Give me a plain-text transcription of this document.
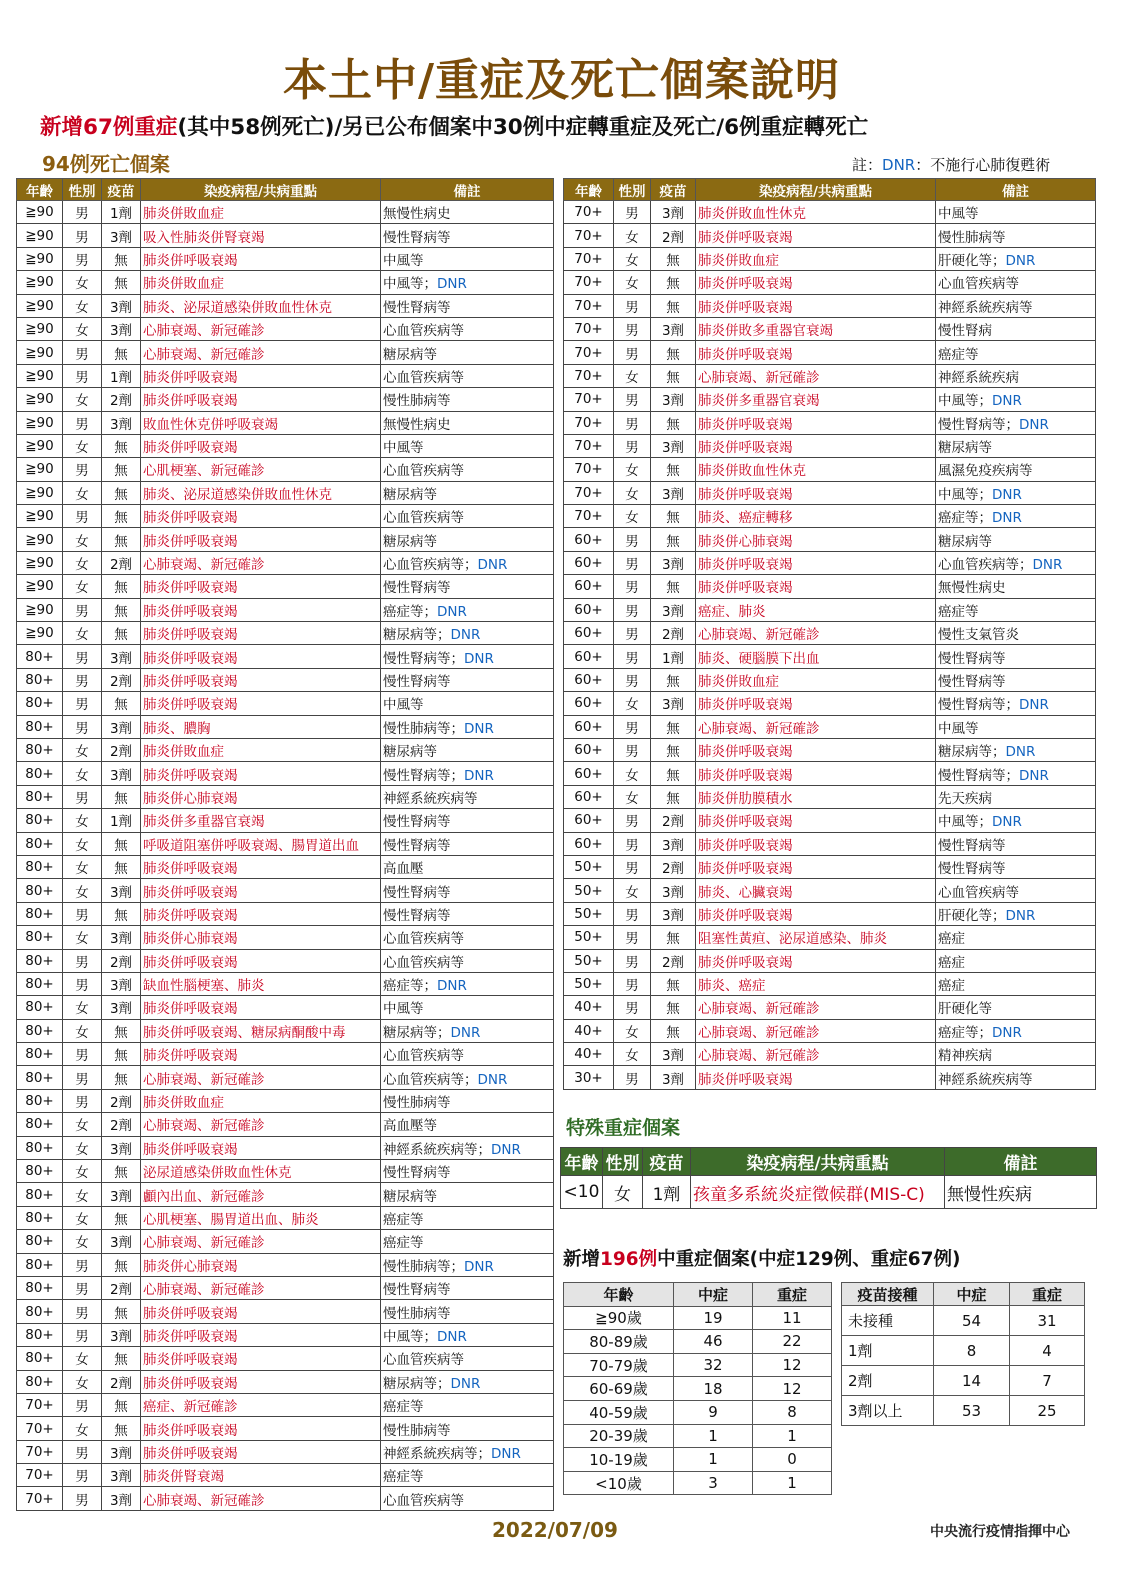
本土中/重症及死亡個案說明
新增67例重症(其中58例死亡)/另已公布個案中30例中症轉重症及死亡/6例重症轉死亡
94例死亡個案	註：DNR：不施行心肺復甦術
年齡	性別	疫苗	染疫病程/共病重點	備註
≧90	男	1劑	肺炎併敗血症	無慢性病史
≧90	男	3劑	吸入性肺炎併腎衰竭	慢性腎病等
≧90	男	無	肺炎併呼吸衰竭	中風等
≧90	女	無	肺炎併敗血症	中風等；DNR
≧90	女	3劑	肺炎、泌尿道感染併敗血性休克	慢性腎病等
≧90	女	3劑	心肺衰竭、新冠確診	心血管疾病等
≧90	男	無	心肺衰竭、新冠確診	糖尿病等
≧90	男	1劑	肺炎併呼吸衰竭	心血管疾病等
≧90	女	2劑	肺炎併呼吸衰竭	慢性肺病等
≧90	男	3劑	敗血性休克併呼吸衰竭	無慢性病史
≧90	女	無	肺炎併呼吸衰竭	中風等
≧90	男	無	心肌梗塞、新冠確診	心血管疾病等
≧90	女	無	肺炎、泌尿道感染併敗血性休克	糖尿病等
≧90	男	無	肺炎併呼吸衰竭	心血管疾病等
≧90	女	無	肺炎併呼吸衰竭	糖尿病等
≧90	女	2劑	心肺衰竭、新冠確診	心血管疾病等；DNR
≧90	女	無	肺炎併呼吸衰竭	慢性腎病等
≧90	男	無	肺炎併呼吸衰竭	癌症等；DNR
≧90	女	無	肺炎併呼吸衰竭	糖尿病等；DNR
80+	男	3劑	肺炎併呼吸衰竭	慢性腎病等；DNR
80+	男	2劑	肺炎併呼吸衰竭	慢性腎病等
80+	男	無	肺炎併呼吸衰竭	中風等
80+	男	3劑	肺炎、膿胸	慢性肺病等；DNR
80+	女	2劑	肺炎併敗血症	糖尿病等
80+	女	3劑	肺炎併呼吸衰竭	慢性腎病等；DNR
80+	男	無	肺炎併心肺衰竭	神經系統疾病等
80+	女	1劑	肺炎併多重器官衰竭	慢性腎病等
80+	女	無	呼吸道阻塞併呼吸衰竭、腸胃道出血	慢性腎病等
80+	女	無	肺炎併呼吸衰竭	高血壓
80+	女	3劑	肺炎併呼吸衰竭	慢性腎病等
80+	男	無	肺炎併呼吸衰竭	慢性腎病等
80+	女	3劑	肺炎併心肺衰竭	心血管疾病等
80+	男	2劑	肺炎併呼吸衰竭	心血管疾病等
80+	男	3劑	缺血性腦梗塞、肺炎	癌症等；DNR
80+	女	3劑	肺炎併呼吸衰竭	中風等
80+	女	無	肺炎併呼吸衰竭、糖尿病酮酸中毒	糖尿病等；DNR
80+	男	無	肺炎併呼吸衰竭	心血管疾病等
80+	男	無	心肺衰竭、新冠確診	心血管疾病等；DNR
80+	男	2劑	肺炎併敗血症	慢性肺病等
80+	女	2劑	心肺衰竭、新冠確診	高血壓等
80+	女	3劑	肺炎併呼吸衰竭	神經系統疾病等；DNR
80+	女	無	泌尿道感染併敗血性休克	慢性腎病等
80+	女	3劑	顱內出血、新冠確診	糖尿病等
80+	女	無	心肌梗塞、腸胃道出血、肺炎	癌症等
80+	女	3劑	心肺衰竭、新冠確診	癌症等
80+	男	無	肺炎併心肺衰竭	慢性肺病等；DNR
80+	男	2劑	心肺衰竭、新冠確診	慢性腎病等
80+	男	無	肺炎併呼吸衰竭	慢性肺病等
80+	男	3劑	肺炎併呼吸衰竭	中風等；DNR
80+	女	無	肺炎併呼吸衰竭	心血管疾病等
80+	女	2劑	肺炎併呼吸衰竭	糖尿病等；DNR
70+	男	無	癌症、新冠確診	癌症等
70+	女	無	肺炎併呼吸衰竭	慢性肺病等
70+	男	3劑	肺炎併呼吸衰竭	神經系統疾病等；DNR
70+	男	3劑	肺炎併腎衰竭	癌症等
70+	男	3劑	心肺衰竭、新冠確診	心血管疾病等
年齡	性別	疫苗	染疫病程/共病重點	備註
70+	男	3劑	肺炎併敗血性休克	中風等
70+	女	2劑	肺炎併呼吸衰竭	慢性肺病等
70+	女	無	肺炎併敗血症	肝硬化等；DNR
70+	女	無	肺炎併呼吸衰竭	心血管疾病等
70+	男	無	肺炎併呼吸衰竭	神經系統疾病等
70+	男	3劑	肺炎併敗多重器官衰竭	慢性腎病
70+	男	無	肺炎併呼吸衰竭	癌症等
70+	女	無	心肺衰竭、新冠確診	神經系統疾病
70+	男	3劑	肺炎併多重器官衰竭	中風等；DNR
70+	男	無	肺炎併呼吸衰竭	慢性腎病等；DNR
70+	男	3劑	肺炎併呼吸衰竭	糖尿病等
70+	女	無	肺炎併敗血性休克	風濕免疫疾病等
70+	女	3劑	肺炎併呼吸衰竭	中風等；DNR
70+	女	無	肺炎、癌症轉移	癌症等；DNR
60+	男	無	肺炎併心肺衰竭	糖尿病等
60+	男	3劑	肺炎併呼吸衰竭	心血管疾病等；DNR
60+	男	無	肺炎併呼吸衰竭	無慢性病史
60+	男	3劑	癌症、肺炎	癌症等
60+	男	2劑	心肺衰竭、新冠確診	慢性支氣管炎
60+	男	1劑	肺炎、硬腦膜下出血	慢性腎病等
60+	男	無	肺炎併敗血症	慢性腎病等
60+	女	3劑	肺炎併呼吸衰竭	慢性腎病等；DNR
60+	男	無	心肺衰竭、新冠確診	中風等
60+	男	無	肺炎併呼吸衰竭	糖尿病等；DNR
60+	女	無	肺炎併呼吸衰竭	慢性腎病等；DNR
60+	女	無	肺炎併肋膜積水	先天疾病
60+	男	2劑	肺炎併呼吸衰竭	中風等；DNR
60+	男	3劑	肺炎併呼吸衰竭	慢性腎病等
50+	男	2劑	肺炎併呼吸衰竭	慢性腎病等
50+	女	3劑	肺炎、心臟衰竭	心血管疾病等
50+	男	3劑	肺炎併呼吸衰竭	肝硬化等；DNR
50+	男	無	阻塞性黃疸、泌尿道感染、肺炎	癌症
50+	男	2劑	肺炎併呼吸衰竭	癌症
50+	男	無	肺炎、癌症	癌症
40+	男	無	心肺衰竭、新冠確診	肝硬化等
40+	女	無	心肺衰竭、新冠確診	癌症等；DNR
40+	女	3劑	心肺衰竭、新冠確診	精神疾病
30+	男	3劑	肺炎併呼吸衰竭	神經系統疾病等
特殊重症個案
年齡	性別	疫苗	染疫病程/共病重點	備註
<10	女	1劑	孩童多系統炎症徵候群(MIS-C)	無慢性疾病
新增196例中重症個案(中症129例、重症67例)
年齡	中症	重症
≧90歲	19	11
80-89歲	46	22
70-79歲	32	12
60-69歲	18	12
40-59歲	9	8
20-39歲	1	1
10-19歲	1	0
<10歲	3	1
疫苗接種	中症	重症
未接種	54	31
1劑	8	4
2劑	14	7
3劑以上	53	25
2022/07/09	中央流行疫情指揮中心
